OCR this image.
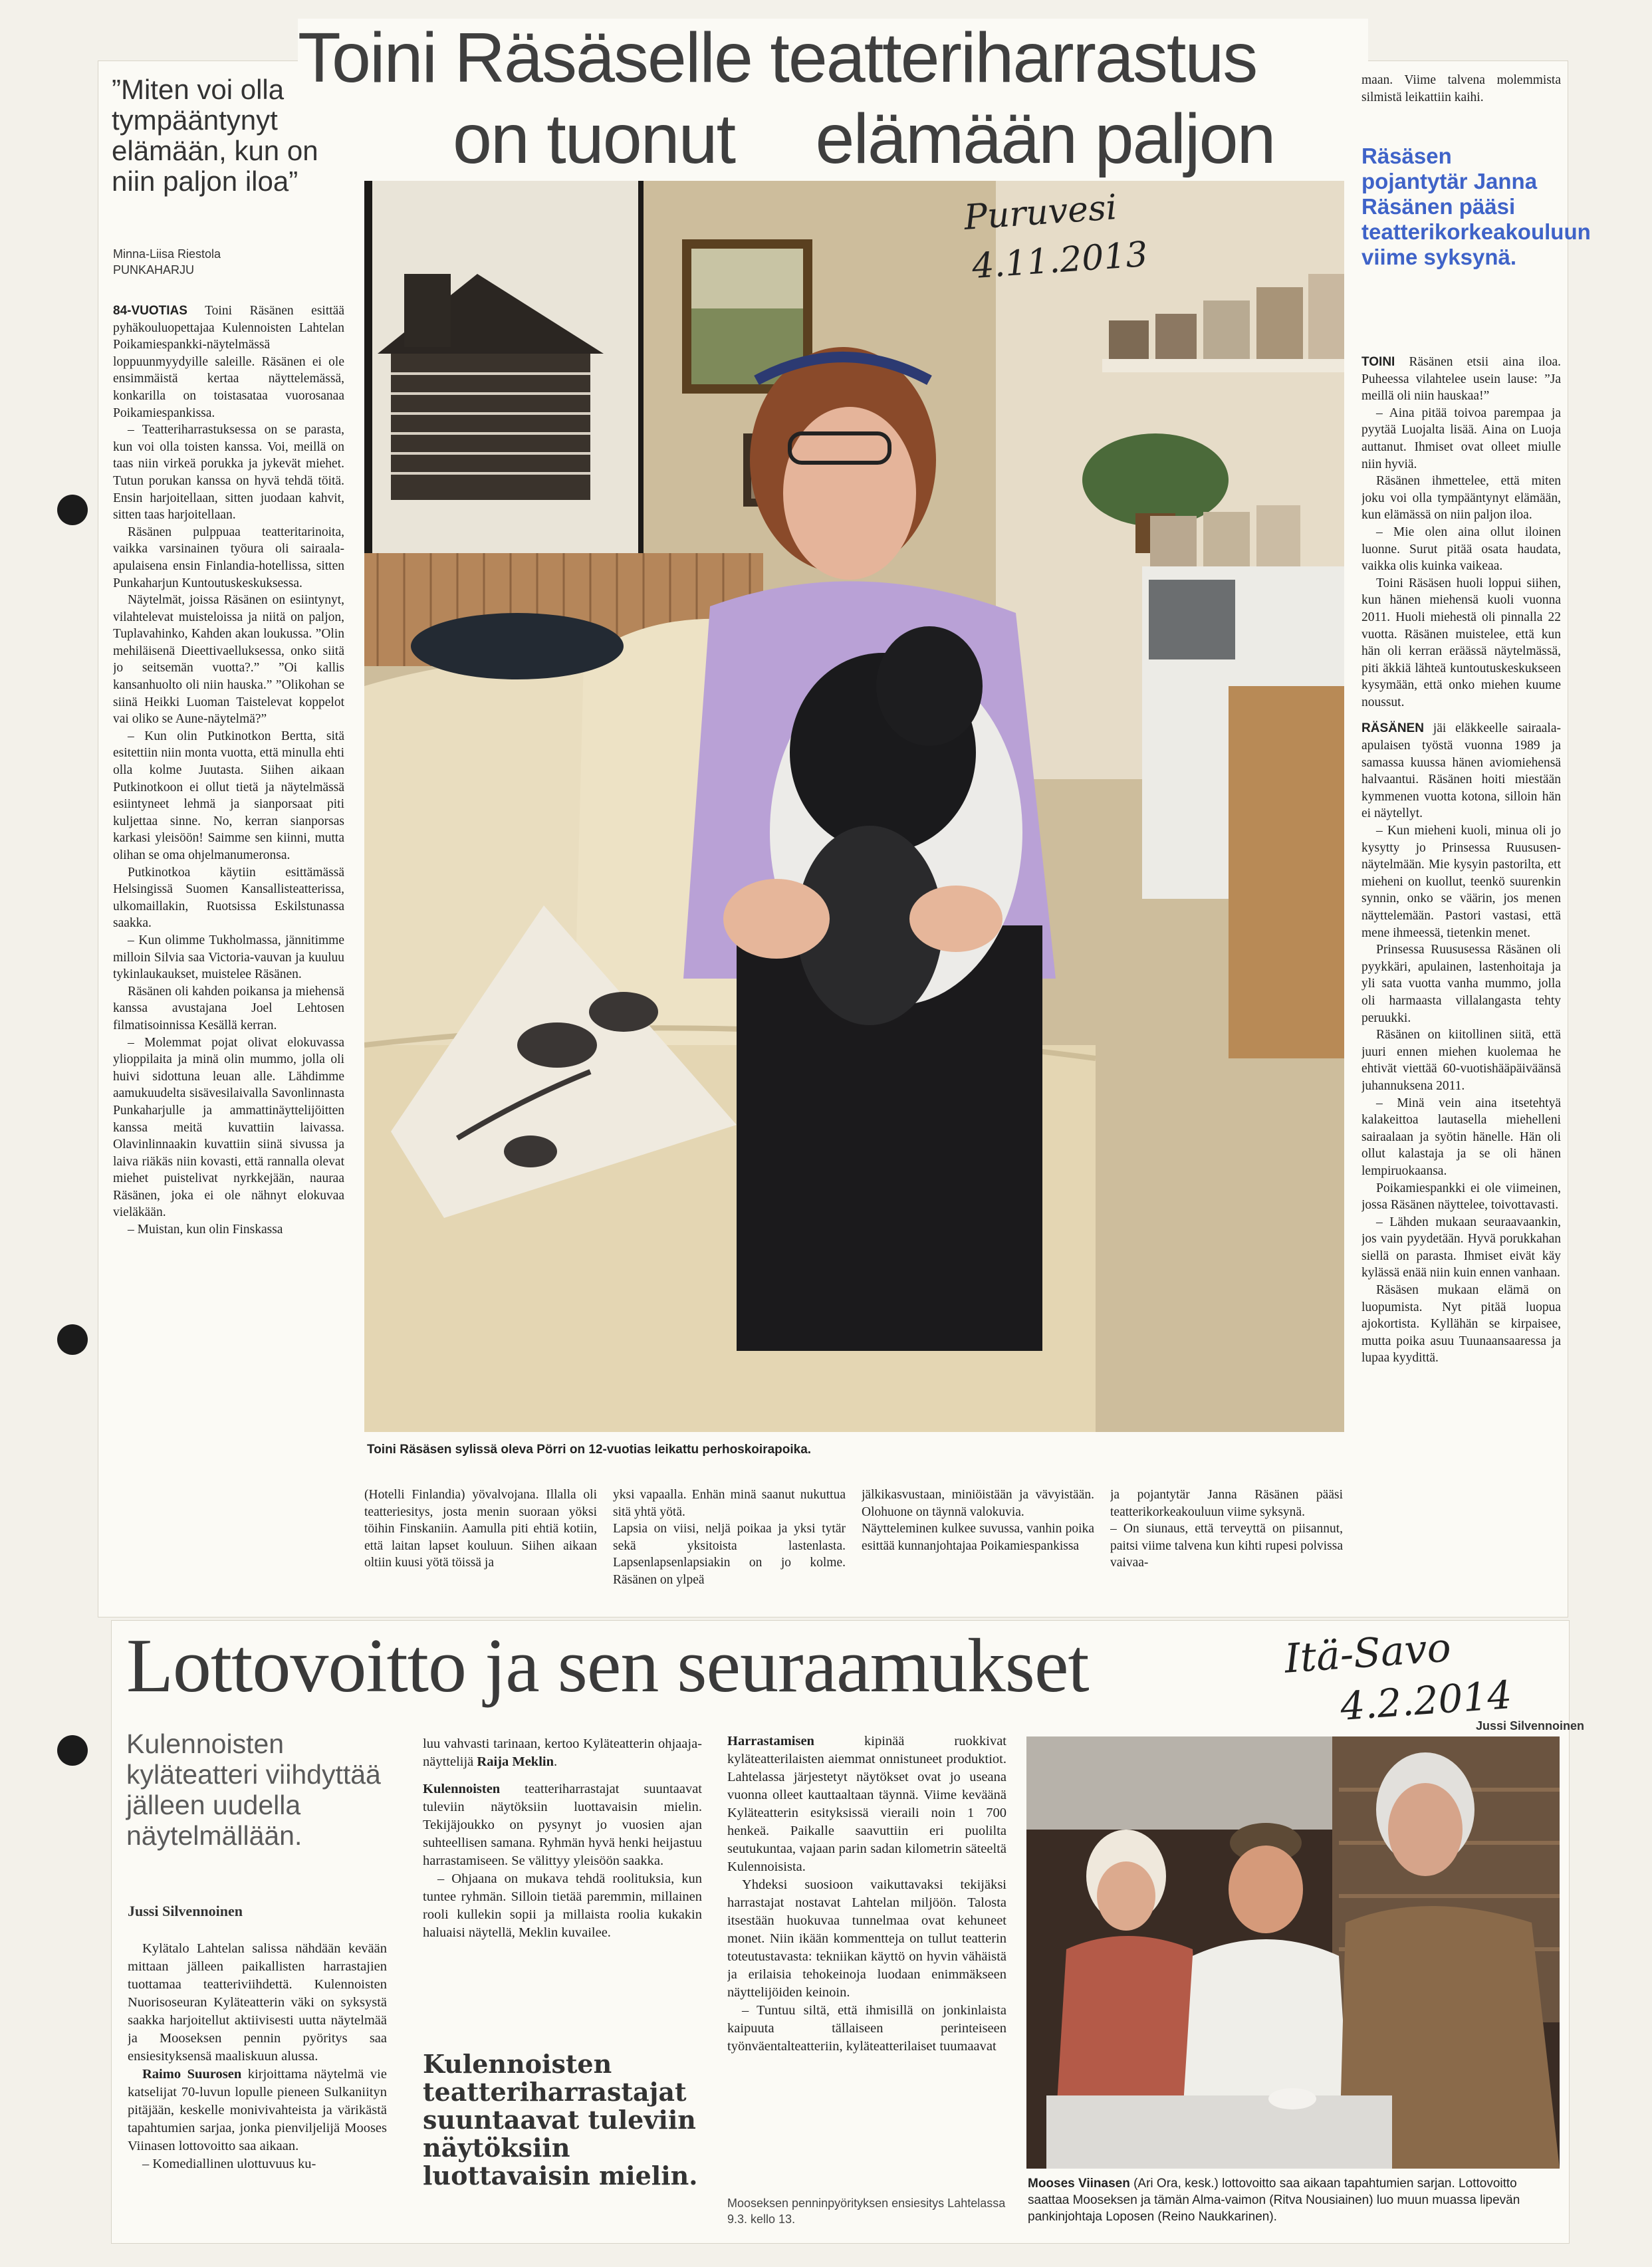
”Miten voi olla tympääntynyt elämään, kun on niin paljon iloa”
Minna-Liisa Riestola
PUNKAHARJU

84-VUOTIAS Toini Räsänen esittää pyhäkouluopettajaa Kulennoisten Lahtelan Poikamiespankki-näytelmässä loppuunmyydyille saleille. Räsänen ei ole ensimmäistä kertaa näyttelemässä, konkarilla on toistasataa vuorosanaa Poikamiespankissa.

– Teatteriharrastuksessa on se parasta, kun voi olla toisten kanssa. Voi, meillä on taas niin virkeä porukka ja jykevät miehet. Tutun porukan kanssa on hyvä tehdä töitä. Ensin harjoitellaan, sitten juodaan kahvit, sitten taas harjoitellaan.

Räsänen pulppuaa teatteritarinoita, vaikka varsinainen työura oli sairaala-apulaisena ensin Finlandia-hotellissa, sitten Punkaharjun Kuntoutuskeskuksessa.

Näytelmät, joissa Räsänen on esiintynyt, vilahtelevat muisteloissa ja niitä on paljon, Tuplavahinko, Kahden akan loukussa. ”Olin mehiläisenä Dieettivaelluksessa, onko siitä jo seitsemän vuotta?.” ”Oi kallis kansanhuolto oli niin hauska.” ”Olikohan se siinä Heikki Luoman Taistelevat koppelot vai oliko se Aune-näytelmä?”

– Kun olin Putkinotkon Bertta, sitä esitettiin niin monta vuotta, että minulla ehti olla kolme Juutasta. Siihen aikaan Putkinotkoon ei ollut tietä ja näytelmässä esiintyneet lehmä ja sianporsaat piti kuljettaa sinne. No, kerran sianporsas karkasi yleisöön! Saimme sen kiinni, mutta olihan se oma ohjelmanumeronsa.

Putkinotkoa käytiin esittämässä Helsingissä Suomen Kansallisteatterissa, ulkomaillakin, Ruotsissa Eskilstunassa saakka.

– Kun olimme Tukholmassa, jännitimme milloin Silvia saa Victoria-vauvan ja kuuluu tykinlaukaukset, muistelee Räsänen.

Räsänen oli kahden poikansa ja miehensä kanssa avustajana Joel Lehtosen filmatisoinnissa Kesällä kerran.

– Molemmat pojat olivat elokuvassa ylioppilaita ja minä olin mummo, jolla oli huivi sidottuna leuan alle. Lähdimme aamukuudelta sisävesilaivalla Savonlinnasta Punkaharjulle ja ammattinäyttelijöitten kanssa meitä kuvattiin laivassa. Olavinlinnaakin kuvattiin siinä sivussa ja laiva riäkäs niin kovasti, että rannalla olevat miehet puistelivat nyrkkejään, nauraa Räsänen, joka ei ole nähnyt elokuvaa vieläkään.

– Muistan, kun olin Finskassa

Toini Räsäselle teatteriharrastus
on tuonut	elämään paljon
Puruvesi
4.11.2013
Toini Räsäsen sylissä oleva Pörri on 12-vuotias leikattu perhoskoirapoika.

(Hotelli Finlandia) yövalvojana. Illalla oli teatteriesitys, josta menin suoraan yöksi töihin Finskaniin. Aamulla piti ehtiä kotiin, että laitan lapset kouluun. Siihen aikaan oltiin kuusi yötä töissä ja

yksi vapaalla. Enhän minä saanut nukuttua sitä yhtä yötä.
Lapsia on viisi, neljä poikaa ja yksi tytär sekä yksitoista lastenlasta. Lapsenlapsenlapsiakin on jo kolme. Räsänen on ylpeä

jälkikasvustaan, miniöistään ja vävyistään. Olohuone on täynnä valokuvia.
Näytteleminen kulkee suvussa, vanhin poika esittää kunnanjohtajaa Poikamiespankissa

ja pojantytär Janna Räsänen pääsi teatterikorkeakouluun viime syksynä.
– On siunaus, että terveyttä on piisannut, paitsi viime talvena kun kihti rupesi polvissa vaivaa-

maan. Viime talvena molemmista silmistä leikattiin kaihi.

Räsäsen pojantytär Janna Räsänen pääsi teatterikorkeakouluun viime syksynä.

TOINI Räsänen etsii aina iloa. Puheessa vilahtelee usein lause: ”Ja meillä oli niin hauskaa!”

– Aina pitää toivoa parempaa ja pyytää Luojalta lisää. Aina on Luoja auttanut. Ihmiset ovat olleet miulle niin hyviä.

Räsänen ihmettelee, että miten joku voi olla tympääntynyt elämään, kun elämässä on niin paljon iloa.

– Mie olen aina ollut iloinen luonne. Surut pitää osata haudata, vaikka olis kuinka vaikeaa.

Toini Räsäsen huoli loppui siihen, kun hänen miehensä kuoli vuonna 2011. Huoli miehestä oli pinnalla 22 vuotta. Räsänen muistelee, että kun hän oli kerran eräässä näytelmässä, piti äkkiä lähteä kuntoutuskeskukseen kysymään, että onko miehen kuume noussut.

RÄSÄNEN jäi eläkkeelle sairaala-apulaisen työstä vuonna 1989 ja samassa kuussa hänen aviomiehensä halvaantui. Räsänen hoiti miestään kymmenen vuotta kotona, silloin hän ei näytellyt.

– Kun mieheni kuoli, minua oli jo kysytty jo Prinsessa Ruususen- näytelmään. Mie kysyin pastorilta, ett mieheni on kuollut, teenkö suurenkin synnin, onko se väärin, jos menen näyttelemään. Pastori vastasi, että mene ihmeessä, tietenkin menet.

Prinsessa Ruususessa Räsänen oli pyykkäri, apulainen, lastenhoitaja ja yli sata vuotta vanha mummo, jolla oli harmaasta villalangasta tehty peruukki.

Räsänen on kiitollinen siitä, että juuri ennen miehen kuolemaa he ehtivät viettää 60-vuotishääpäiväänsä juhannuksena 2011.

– Minä vein aina itsetehtyä kalakeittoa lautasella miehelleni sairaalaan ja syötin hänelle. Hän oli ollut kalastaja ja se oli hänen lempiruokaansa.

Poikamiespankki ei ole viimeinen, jossa Räsänen näyttelee, toivottavasti.

– Lähden mukaan seuraavaankin, jos vain pyydetään. Hyvä porukkahan siellä on parasta. Ihmiset eivät käy kylässä enää niin kuin ennen vanhaan.

Räsäsen mukaan elämä on luopumista. Nyt pitää luopua ajokortista. Kyllähän se kirpaisee, mutta poika asuu Tuunaansaaressa ja lupaa kyydittä.

Lottovoitto ja sen seuraamukset	Itä-Savo
4.2.2014
Jussi Silvennoinen
Kulennoisten kyläteatteri viihdyttää jälleen uudella näytelmällään.
Jussi Silvennoinen

Kylätalo Lahtelan salissa nähdään kevään mittaan jälleen paikallisten harrastajien tuottamaa teatteriviihdettä. Kulennoisten Nuorisoseuran Kyläteatterin väki on syksystä saakka harjoitellut aktiivisesti uutta näytelmää ja Mooseksen pennin pyöritys saa ensiesityksensä maaliskuun alussa.

Raimo Suurosen kirjoittama näytelmä vie katselijat 70-luvun lopulle pieneen Sulkaniityn pitäjään, keskelle monivivahteista ja värikästä tapahtumien sarjaa, jonka pienviljelijä Mooses Viinasen lottovoitto saa aikaan.

– Komediallinen ulottuvuus ku-

luu vahvasti tarinaan, kertoo Kyläteatterin ohjaaja-näyttelijä Raija Meklin.

Kulennoisten teatteriharrastajat suuntaavat tuleviin näytöksiin luottavaisin mielin. Tekijäjoukko on pysynyt jo vuosien ajan suhteellisen samana. Ryhmän hyvä henki heijastuu harrastamiseen. Se välittyy yleisöön saakka.

– Ohjaana on mukava tehdä roolituksia, kun tuntee ryhmän. Silloin tietää paremmin, millainen rooli kullekin sopii ja millaista roolia kukakin haluaisi näytellä, Meklin kuvailee.

Kulennoisten teatteriharrastajat suuntaavat tuleviin näytöksiin luottavaisin mielin.

Harrastamisen kipinää ruokkivat kyläteatterilaisten aiemmat onnistuneet produktiot. Lahtelassa järjestetyt näytökset ovat jo useana vuonna olleet kauttaaltaan täynnä. Viime keväänä Kyläteatterin esityksissä vieraili noin 1 700 henkeä. Paikalle saavuttiin eri puolilta seutukuntaa, vajaan parin sadan kilometrin säteeltä Kulennoisista.

Yhdeksi suosioon vaikuttavaksi tekijäksi harrastajat nostavat Lahtelan miljöön. Talosta itsestään huokuvaa tunnelmaa ovat kehuneet monet. Niin ikään kommentteja on tullut teatterin toteutustavasta: tekniikan käyttö on hyvin vähäistä ja erilaisia tehokeinoja luodaan enimmäkseen näyttelijöiden keinoin.

– Tuntuu siltä, että ihmisillä on jonkinlaista kaipuuta tällaiseen perinteiseen työnväentalteatteriin, kyläteatterilaiset tuumaavat

Mooseksen penninpyörityksen ensiesitys Lahtelassa 9.3. kello 13.
Mooses Viinasen (Ari Ora, kesk.) lottovoitto saa aikaan tapahtumien sarjan. Lottovoitto saattaa Mooseksen ja tämän Alma-vaimon (Ritva Nousiainen) luo muun muassa lipevän pankinjohtaja Loposen (Reino Naukkarinen).
